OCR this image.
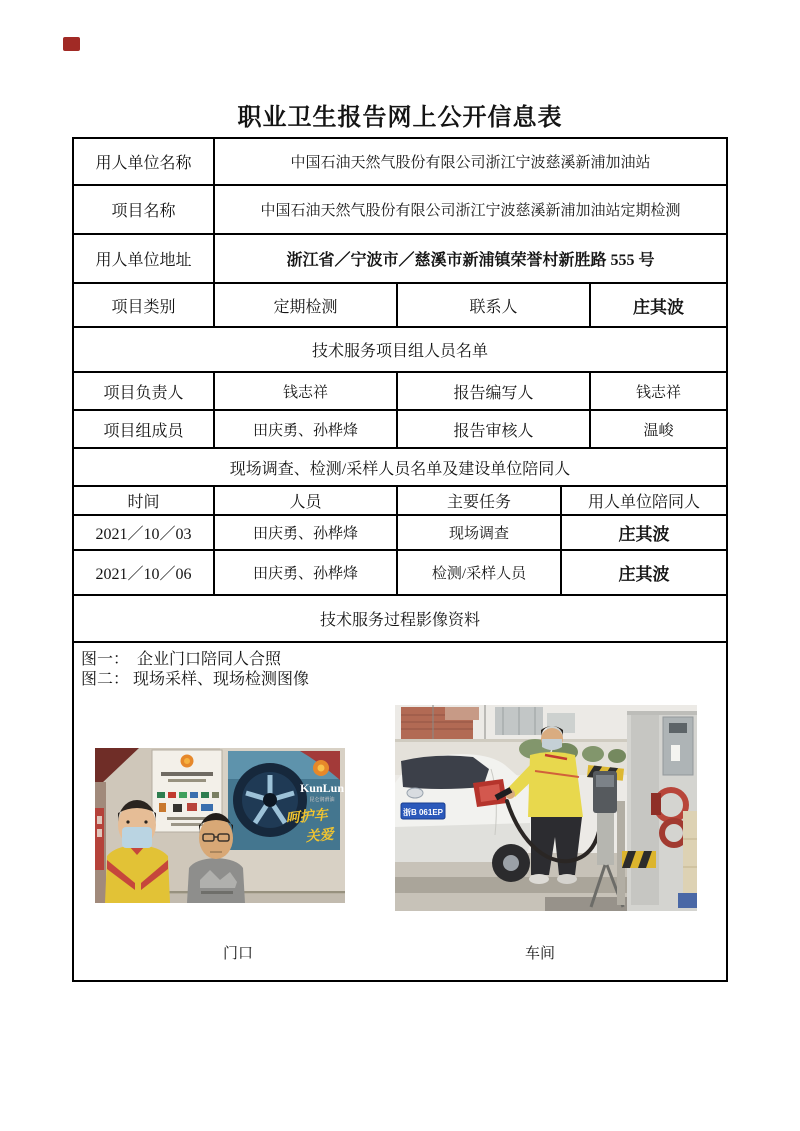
职业卫生报告网上公开信息表
用人单位名称	中国石油天然气股份有限公司浙江宁波慈溪新浦加油站
项目名称	中国石油天然气股份有限公司浙江宁波慈溪新浦加油站定期检测
用人单位地址	浙江省／宁波市／慈溪市新浦镇荣誉村新胜路 555 号
项目类别	定期检测	联系人	庄其波
技术服务项目组人员名单
项目负责人	钱志祥	报告编写人	钱志祥
项目组成员	田庆勇、孙桦烽	报告审核人	温峻
现场调查、检测/采样人员名单及建设单位陪同人
时间	人员	主要任务	用人单位陪同人
2021／10／03	田庆勇、孙桦烽	现场调查	庄其波
2021／10／06	田庆勇、孙桦烽	检测/采样人员	庄其波
技术服务过程影像资料
图一：  企业门口陪同人合照
图二： 现场采样、现场检测图像
KunLun
昆仑润滑油
呵护车
关爱
浙B 061EP
门口	车间
